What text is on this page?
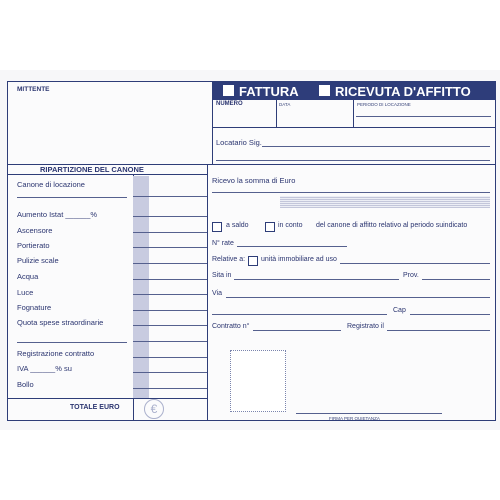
FATTURA	RICEVUTA D'AFFITTO
MITTENTE
NUMERO	DATA	PERIODO DI LOCAZIONE
Locatario Sig.
RIPARTIZIONE DEL CANONE
Canone di locazione
Aumento Istat ______%
Ascensore
Portierato
Pulizie scale
Acqua
Luce
Fognature
Quota spese straordinarie
Registrazione contratto
IVA ______% su
Bollo
TOTALE EURO	€
Ricevo la somma di Euro
a saldo	in conto del canone di affitto relativo al periodo suindicato
N° rate
Relative a: unità immobiliare ad uso
Sita in	Prov.
Via
Cap
Contratto n°	Registrato il
FIRMA PER QUIETANZA
